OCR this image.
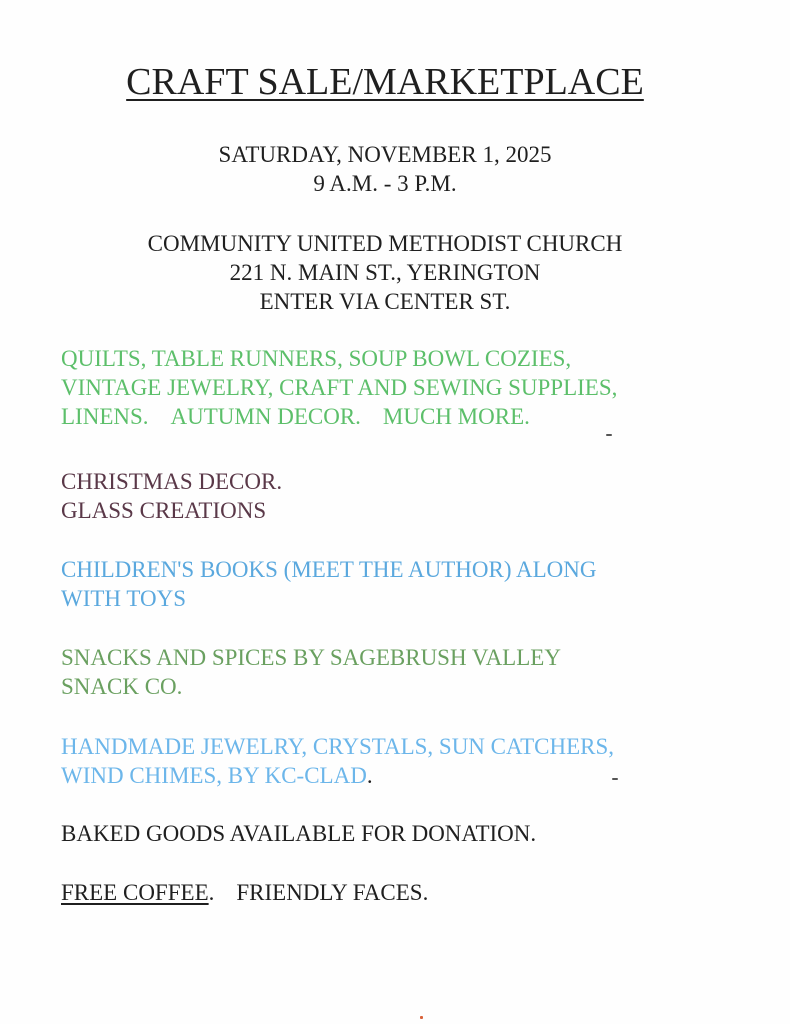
CRAFT SALE/MARKETPLACE
SATURDAY, NOVEMBER 1, 2025
9 A.M. - 3 P.M.
COMMUNITY UNITED METHODIST CHURCH
221 N. MAIN ST., YERINGTON
ENTER VIA CENTER ST.
QUILTS, TABLE RUNNERS, SOUP BOWL COZIES,
VINTAGE JEWELRY, CRAFT AND SEWING SUPPLIES,
LINENS. AUTUMN DECOR. MUCH MORE.
CHRISTMAS DECOR.
GLASS CREATIONS
CHILDREN'S BOOKS (MEET THE AUTHOR) ALONG
WITH TOYS
SNACKS AND SPICES BY SAGEBRUSH VALLEY
SNACK CO.
HANDMADE JEWELRY, CRYSTALS, SUN CATCHERS,
WIND CHIMES, BY KC-CLAD.
BAKED GOODS AVAILABLE FOR DONATION.
FREE COFFEE. FRIENDLY FACES.
